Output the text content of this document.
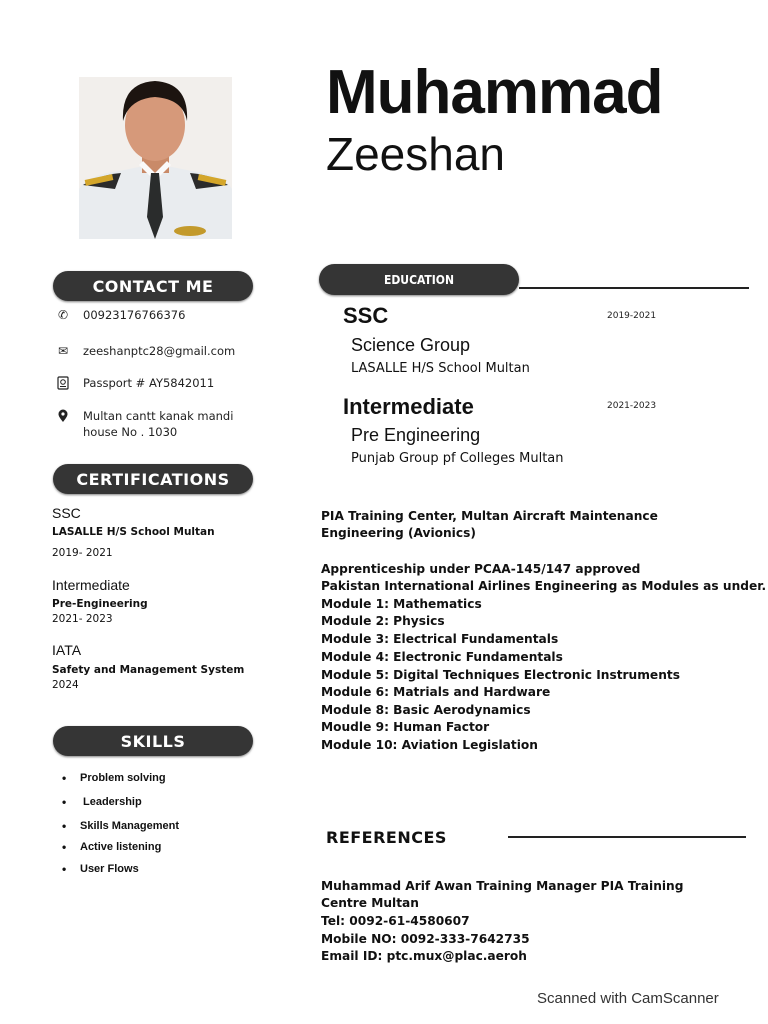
Muhammad
Zeeshan
CONTACT ME
✆ 00923176766376
✉ zeeshanptc28@gmail.com
Passport # AY5842011
Multan cantt kanak mandi
house No . 1030
CERTIFICATIONS
SSC
LASALLE H/S School Multan
2019- 2021
Intermediate
Pre-Engineering
2021- 2023
IATA
Safety and Management System
2024
SKILLS
Problem solving
Leadership
Skills Management
Active listening
User Flows
EDUCATION
SSC	2019-2021
Science Group
LASALLE H/S School Multan
Intermediate	2021-2023
Pre Engineering
Punjab Group pf Colleges Multan
PIA Training Center, Multan Aircraft Maintenance
Engineering (Avionics)
Apprenticeship under PCAA-145/147 approved
Pakistan International Airlines Engineering as Modules as under.
Module 1: Mathematics
Module 2: Physics
Module 3: Electrical Fundamentals
Module 4: Electronic Fundamentals
Module 5: Digital Techniques Electronic Instruments
Module 6: Matrials and Hardware
Module 8: Basic Aerodynamics
Moudle 9: Human Factor
Module 10: Aviation Legislation
REFERENCES
Muhammad Arif Awan Training Manager PIA Training
Centre Multan
Tel: 0092-61-4580607
Mobile NO: 0092-333-7642735
Email ID: ptc.mux@plac.aeroh
Scanned with CamScanner
